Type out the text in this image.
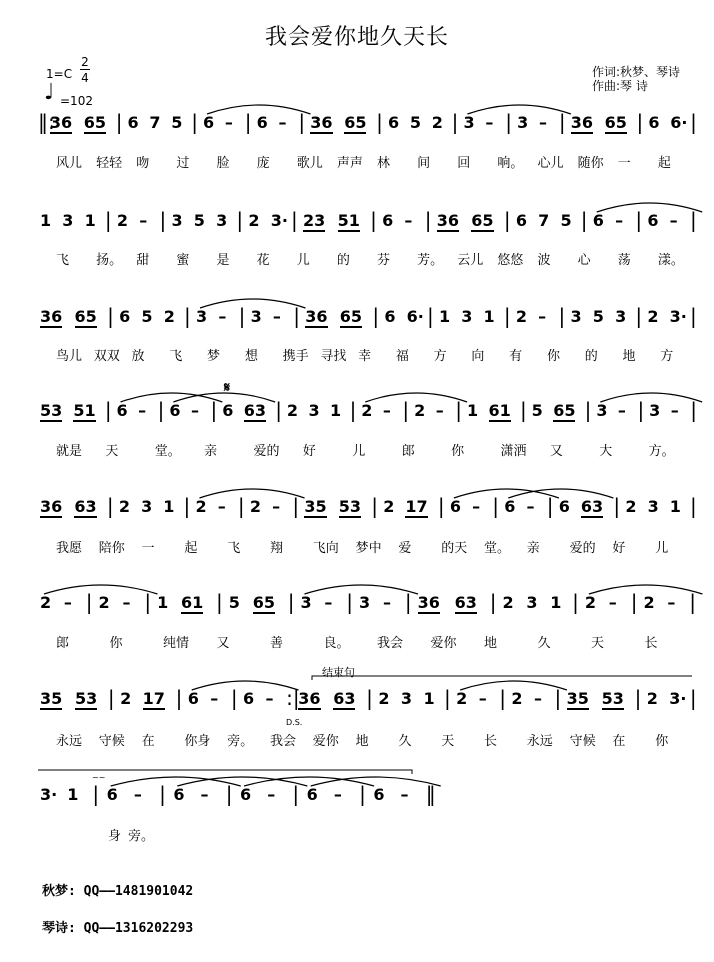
我会爱你地久天长
作词:秋梦、琴诗
作曲:琴 诗
1=C
2
4
♩ =102
‖:
36 65 | 6 7 5 | 6 – | 6 – | 36 65 | 6 5 2 | 3 – | 3 – | 36 65 | 6 6· |
风儿 轻轻 吻 过 脸 庞 歌儿 声声 林 间 回 响。 心儿 随你 一 起
1 3 1 | 2 – | 3 5 3 | 2 3· | 23 51 | 6 – | 36 65 | 6 7 5 | 6 – | 6 – |
飞 扬。 甜 蜜 是 花 儿 的 芬 芳。 云儿 悠悠 波 心 荡 漾。
36 65 | 6 5 2 | 3 – | 3 – | 36 65 | 6 6· | 1 3 1 | 2 – | 3 5 3 | 2 3· |
鸟儿 双双 放 飞 梦 想 携手 寻找 幸 福 方 向 有 你 的 地 方
53 51 | 6 – | 6 – | 6 63 | 2 3 1 | 2 – | 2 – | 1 61 | 5 65 | 3 – | 3 – |
就是 天	堂。 亲	爱的 好	儿	郎	你	潇洒 又	大	方。
36 63 | 2 3 1 | 2 – | 2 – | 35 53 | 2 17 | 6 – | 6 – | 6 63 | 2 3 1 |
我愿 陪你 一 起 飞 翔 飞向 梦中 爱 的天 堂。 亲 爱的 好 儿
2 – | 2 – | 1 61 | 5 65 | 3 – | 3 – | 36 63 | 2 3 1 | 2 – | 2 – |
郎	你	纯情 又	善	良。 我会 爱你 地	久	天	长
35 53 | 2 17 | 6 – | 6 – :|
36 63 | 2 3 1 | 2 – | 2 – | 35 53 | 2 3· |
永远 守候 在 你身 旁。 我会 爱你 地 久 天 长 永远 守候 在 你
3· 1 | 6 – | 6 – | 6 – | 6 – | 6 – ‖
身 旁。
𝄋
结束句
D.S.
~~
秋梦: QQ——1481901042
琴诗: QQ——1316202293
